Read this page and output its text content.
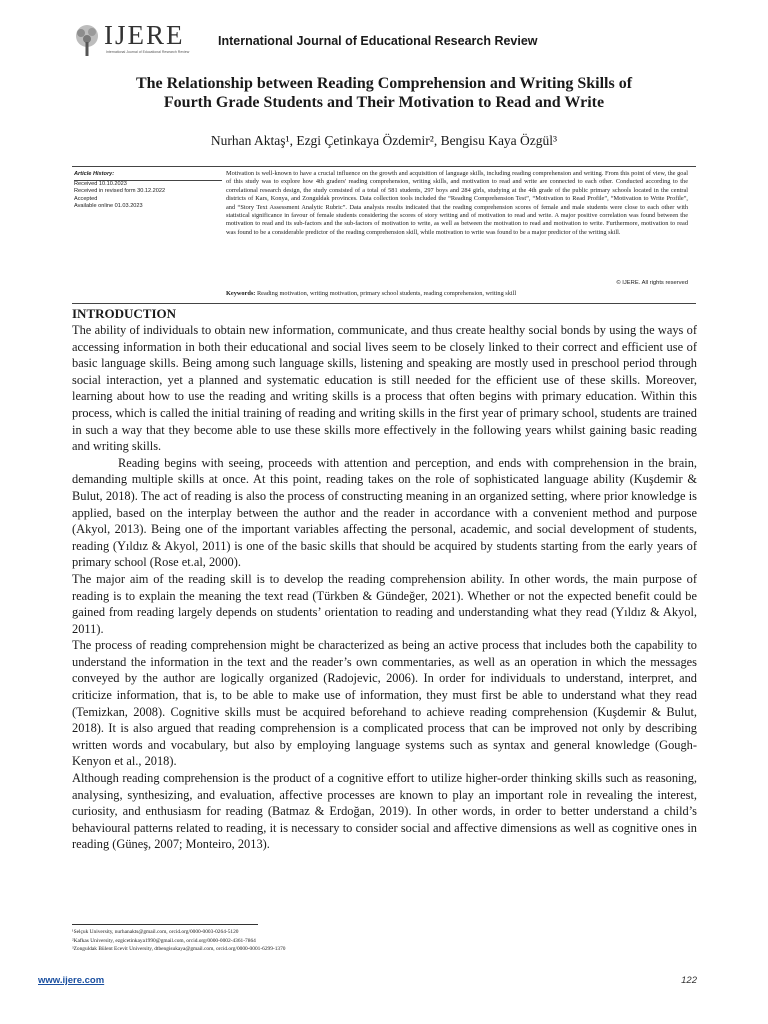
IJERE
International Journal of Educational Research Review
International Journal of Educational Research Review
The Relationship between Reading Comprehension and Writing Skills of
Fourth Grade Students and Their Motivation to Read and Write
Nurhan Aktaş¹, Ezgi Çetinkaya Özdemir², Bengisu Kaya Özgül³
Article History:
Received 10.10.2023
Received in revised form 30.12.2022
Accepted
Available online 01.03.2023
Motivation is well-known to have a crucial influence on the growth and acquisition of language skills, including reading comprehension and writing. From this point of view, the goal of this study was to explore how 4th graders' reading comprehension, writing skills, and motivation to read and write are connected to each other. Conducted according to the correlational research design, the study consisted of a total of 581 students, 297 boys and 284 girls, studying at the 4th grade of the public primary schools located in the central districts of Kars, Konya, and Zonguldak provinces. Data collection tools included the “Reading Comprehension Test”, “Motivation to Read Profile”, “Motivation to Write Profile”, and “Story Text Assessment Analytic Rubric”. Data analysis results indicated that the reading comprehension scores of female and male students were close to each other with statistical significance in favour of female students considering the scores of story writing and of motivation to read and write. A major positive correlation was found between the motivation to read and its sub-factors and the sub-factors of motivation to write, as well as between the motivation to read and motivation to write. Furthermore, motivation to read was found to be a considerable predictor of the reading comprehension skill, while motivation to write was found to be a major predictor of the writing skill.
© IJERE. All rights reserved
Keywords: Reading motivation, writing motivation, primary school students, reading comprehension, writing skill
INTRODUCTION

The ability of individuals to obtain new information, communicate, and thus create healthy social bonds by using the ways of accessing information in both their educational and social lives seem to be closely linked to their correct and efficient use of basic language skills. Being among such language skills, listening and speaking are mostly used in preschool period through social interaction, yet a planned and systematic education is still needed for the efficient use of these skills. Moreover, learning about how to use the reading and writing skills is a process that often begins with primary education. Within this process, which is called the initial training of reading and writing skills in the first year of primary school, students are trained in such a way that they become able to use these skills more effectively in the following years whilst gaining basic reading and writing skills.

Reading begins with seeing, proceeds with attention and perception, and ends with comprehension in the brain, demanding multiple skills at once. At this point, reading takes on the role of sophisticated language ability (Kuşdemir & Bulut, 2018). The act of reading is also the process of constructing meaning in an organized setting, where prior knowledge is applied, based on the interplay between the author and the reader in accordance with a convenient method and purpose (Akyol, 2013). Being one of the important variables affecting the personal, academic, and social development of students, reading (Yıldız & Akyol, 2011) is one of the basic skills that should be acquired by students starting from the early years of primary school (Rose et.al, 2000).

The major aim of the reading skill is to develop the reading comprehension ability. In other words, the main purpose of reading is to explain the meaning the text read (Türkben & Gündeğer, 2021). Whether or not the expected benefit could be gained from reading largely depends on students’ orientation to reading and understanding what they read (Yıldız & Akyol, 2011).

The process of reading comprehension might be characterized as being an active process that includes both the capability to understand the information in the text and the reader’s own commentaries, as well as an operation in which the messages conveyed by the author are logically organized (Radojevic, 2006). In order for individuals to understand, interpret, and criticize information, that is, to be able to make use of information, they must first be able to understand what they read (Temizkan, 2008). Cognitive skills must be acquired beforehand to achieve reading comprehension (Kuşdemir & Bulut, 2018). It is also argued that reading comprehension is a complicated process that can be improved not only by describing written words and vocabulary, but also by employing language systems such as syntax and general knowledge (Gough-Kenyon et al., 2018).

Although reading comprehension is the product of a cognitive effort to utilize higher-order thinking skills such as reasoning, analysing, synthesizing, and evaluation, affective processes are known to play an important role in revealing the interest, curiosity, and enthusiasm for reading (Batmaz & Erdoğan, 2019). In other words, in order to better understand a child’s behavioural patterns related to reading, it is necessary to consider social and affective dimensions as well as cognitive ones in reading (Güneş, 2007; Monteiro, 2013).

¹Selçuk University, nurhanakts@gmail.com, orcid.org/0000-0003-0264-5120
²Kafkas University, ezgicetinkaya1990@gmail.com, orcid.org/0000-0002-4361-7864
³Zonguldak Bülent Ecevit University, dtbengisukaya@gmail.com, orcid.org/0000-0001-6299-1370
www.ijere.com	122
